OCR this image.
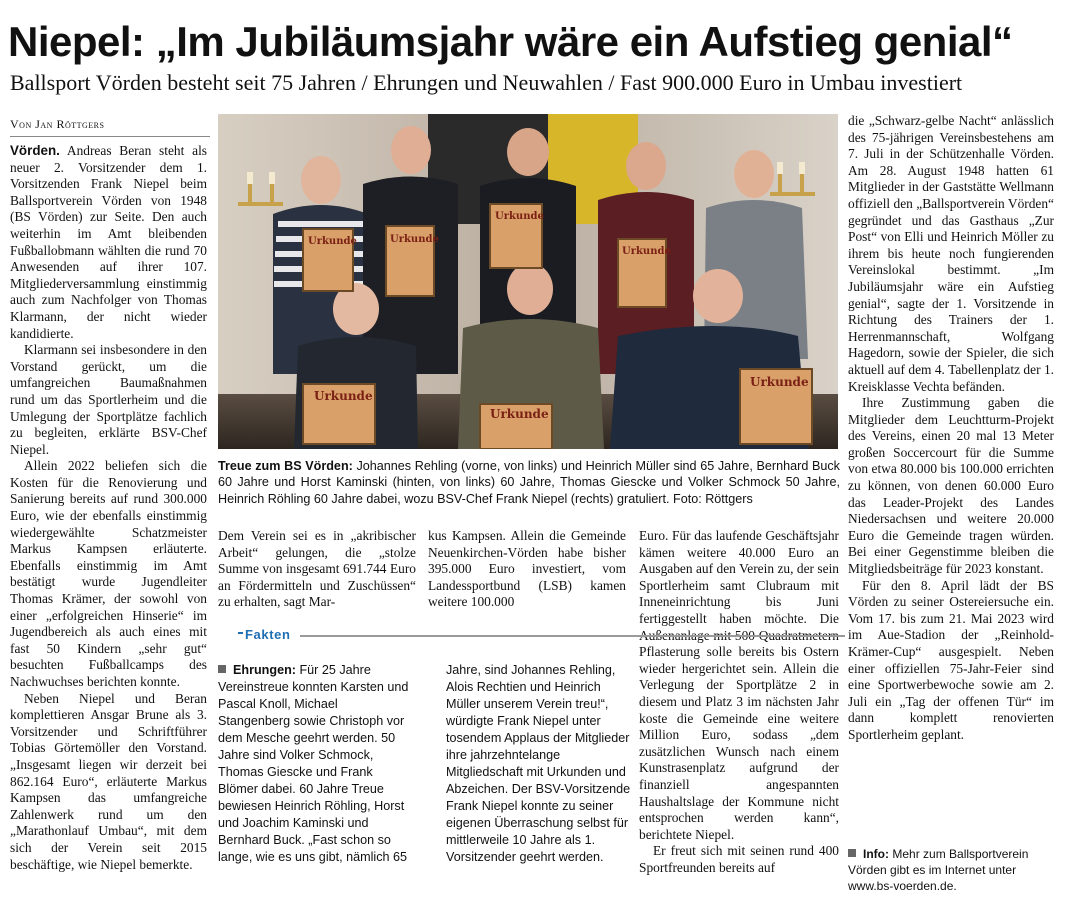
Niepel: „Im Jubiläumsjahr wäre ein Aufstieg genial“
Ballsport Vörden besteht seit 75 Jahren / Ehrungen und Neuwahlen / Fast 900.000 Euro in Umbau investiert
Von Jan Röttgers

Vörden. Andreas Beran steht als neuer 2. Vorsitzender dem 1. Vorsitzenden Frank Niepel beim Ballsportverein Vörden von 1948 (BS Vörden) zur Seite. Den auch weiterhin im Amt bleibenden Fußballobmann wählten die rund 70 Anwesenden auf ihrer 107. Mitgliederversammlung einstimmig auch zum Nachfolger von Thomas Klarmann, der nicht wieder kandidierte.

Klarmann sei insbesondere in den Vorstand gerückt, um die umfangreichen Baumaßnahmen rund um das Sportlerheim und die Umlegung der Sportplätze fachlich zu begleiten, erklärte BSV-Chef Niepel.

Allein 2022 beliefen sich die Kosten für die Renovierung und Sanierung bereits auf rund 300.000 Euro, wie der ebenfalls einstimmig wiedergewählte Schatzmeister Markus Kampsen erläuterte. Ebenfalls einstimmig im Amt bestätigt wurde Jugendleiter Thomas Krämer, der sowohl von einer „erfolgreichen Hinserie“ im Jugendbereich als auch eines mit fast 50 Kindern „sehr gut“ besuchten Fußballcamps des Nachwuchses berichten konnte.

Neben Niepel und Beran komplettieren Ansgar Brune als 3. Vorsitzender und Schriftführer Tobias Görtemöller den Vorstand. „Insgesamt liegen wir derzeit bei 862.164 Euro“, erläuterte Markus Kampsen das umfangreiche Zahlenwerk rund um den „Marathonlauf Umbau“, mit dem sich der Verein seit 2015 beschäftige, wie Niepel bemerkte.

Urkunde	Urkunde
Urkunde
Urkunde
Urkunde
Urkunde
Urkunde
Treue zum BS Vörden: Johannes Rehling (vorne, von links) und Heinrich Müller sind 65 Jahre, Bernhard Buck 60 Jahre und Horst Kaminski (hinten, von links) 60 Jahre, Thomas Giescke und Volker Schmock 50 Jahre, Heinrich Röhling 60 Jahre dabei, wozu BSV-Chef Frank Niepel (rechts) gratuliert. Foto: Röttgers

Dem Verein sei es in „akribischer Arbeit“ gelungen, die „stolze Summe von insgesamt 691.744 Euro an Fördermitteln und Zuschüssen“ zu erhalten, sagt Mar-

kus Kampsen. Allein die Gemeinde Neuenkirchen-Vörden habe bisher 395.000 Euro investiert, vom Landessportbund (LSB) kamen weitere 100.000

Euro. Für das laufende Geschäftsjahr kämen weitere 40.000 Euro an Ausgaben auf den Verein zu, der sein Sportlerheim samt Clubraum mit Inneneinrichtung bis Juni fertiggestellt haben möchte. Die Pflasterung solle bereits bis Ostern wieder hergerichtet sein. Allein die Verlegung der Sportplätze 2 in diesem und Platz 3 im nächsten Jahr koste die Gemeinde eine weitere Million Euro, sodass „dem zusätzlichen Wunsch nach einem Kunstrasenplatz aufgrund der finanziell angespannten Haushaltslage der Kommune nicht entsprochen werden kann“, berichtete Niepel.

Er freut sich mit seinen rund 400 Sportfreunden bereits auf

Fakten
Ehrungen: Für 25 Jahre Vereinstreue konnten Karsten und Pascal Knoll, Michael Stangenberg sowie Christoph vor dem Mesche geehrt werden. 50 Jahre sind Volker Schmock, Thomas Giescke und Frank Blömer dabei. 60 Jahre Treue bewiesen Heinrich Röhling, Horst und Joachim Kaminski und Bernhard Buck. „Fast schon so lange, wie es uns gibt, nämlich 65
Jahre, sind Johannes Rehling, Alois Rechtien und Heinrich Müller unserem Verein treu!“, würdigte Frank Niepel unter tosendem Applaus der Mitglieder ihre jahrzehntelange Mitgliedschaft mit Urkunden und Abzeichen. Der BSV-Vorsitzende Frank Niepel konnte zu seiner eigenen Überraschung selbst für mittlerweile 10 Jahre als 1. Vorsitzender geehrt werden.

die „Schwarz-gelbe Nacht“ anlässlich des 75-jährigen Vereinsbestehens am 7. Juli in der Schützenhalle Vörden. Am 28. August 1948 hatten 61 Mitglieder in der Gaststätte Wellmann offiziell den „Ballsportverein Vörden“ gegründet und das Gasthaus „Zur Post“ von Elli und Heinrich Möller zu ihrem bis heute noch fungierenden Vereinslokal bestimmt. „Im Jubiläumsjahr wäre ein Aufstieg genial“, sagte der 1. Vorsitzende in Richtung des Trainers der 1. Herrenmannschaft, Wolfgang Hagedorn, sowie der Spieler, die sich aktuell auf dem 4. Tabellenplatz der 1. Kreisklasse Vechta befänden.

Ihre Zustimmung gaben die Mitglieder dem Leuchtturm-Projekt des Vereins, einen 20 mal 13 Meter großen Soccercourt für die Summe von etwa 80.000 bis 100.000 errichten zu können, von denen 60.000 Euro das Leader-Projekt des Landes Niedersachsen und weitere 20.000 Euro die Gemeinde tragen würden. Bei einer Gegenstimme bleiben die Mitgliedsbeiträge für 2023 konstant.

Für den 8. April lädt der BS Vörden zu seiner Ostereiersuche ein. Vom 17. bis zum 21. Mai 2023 wird im Aue-Stadion der „Reinhold-Krämer-Cup“ ausgespielt. Neben einer offiziellen 75-Jahr-Feier sind eine Sportwerbewoche sowie am 2. Juli ein „Tag der offenen Tür“ im dann komplett renovierten Sportlerheim geplant.

Info: Mehr zum Ballsportverein Vörden gibt es im Internet unter www.bs-voerden.de.
